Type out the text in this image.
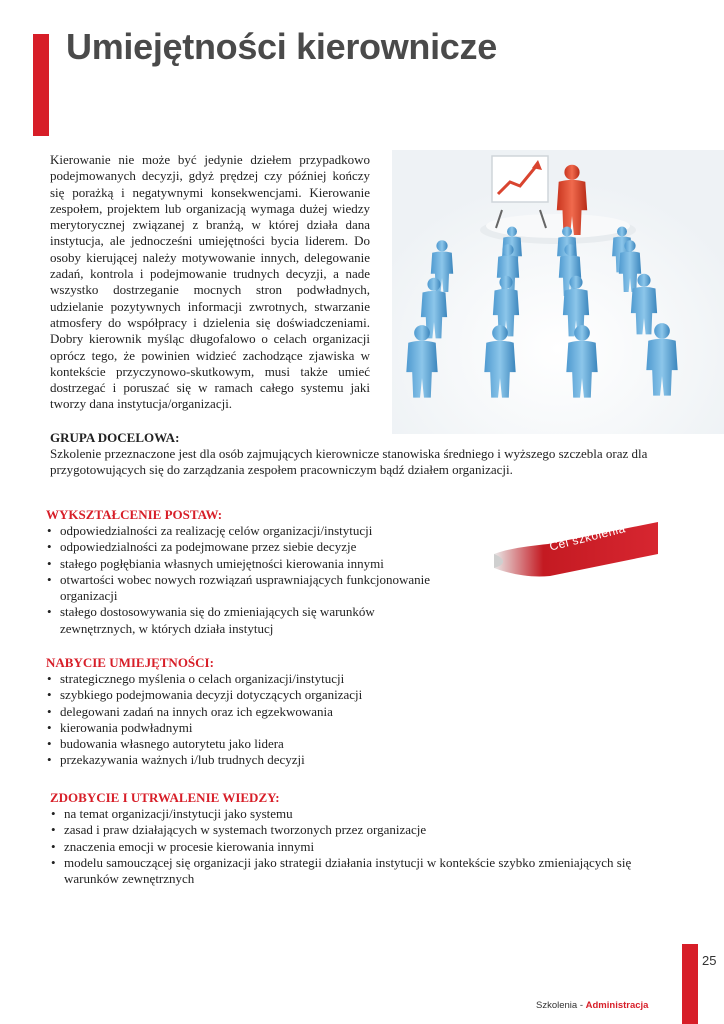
Umiejętności kierownicze

Kierowanie nie może być jedynie dziełem przypadkowo podejmowanych decyzji, gdyż prędzej czy później kończy się porażką i negatywnymi konsekwencjami. Kierowanie zespołem, projektem lub organizacją wymaga dużej wiedzy merytorycznej związanej z branżą, w której działa dana instytucja, ale jednocześni umiejętności bycia liderem. Do osoby kierującej należy motywowanie innych, delegowanie zadań, kontrola i podejmowanie trudnych decyzji, a nade wszystko dostrzeganie mocnych stron podwładnych, udzielanie pozytywnych informacji zwrotnych, stwarzanie atmosfery do współpracy i dzielenia się doświadczeniami. Dobry kierownik myśląc długofalowo o celach organizacji oprócz tego, że powinien widzieć zachodzące zjawiska w kontekście przyczynowo-skutkowym, musi także umieć dostrzegać i poruszać się w ramach całego systemu jaki tworzy dana instytucja/organizacji.

GRUPA DOCELOWA:

Szkolenie przeznaczone jest dla osób zajmujących kierownicze stanowiska średniego i wyższego szczebla oraz dla przygotowujących się do zarządzania zespołem pracowniczym bądź działem organizacji.

Cel szkolenia

WYKSZTAŁCENIE POSTAW:

• odpowiedzialności za realizację celów organizacji/instytucji
• odpowiedzialności za podejmowane przez siebie decyzje
• stałego pogłębiania własnych umiejętności kierowania innymi
• otwartości wobec nowych rozwiązań usprawniających funkcjonowanie organizacji
• stałego dostosowywania się do zmieniających się warunków zewnętrznych, w których działa instytucj

NABYCIE UMIEJĘTNOŚCI:

• strategicznego myślenia o celach organizacji/instytucji
• szybkiego podejmowania decyzji dotyczących organizacji
• delegowani zadań na innych oraz ich egzekwowania
• kierowania podwładnymi
• budowania własnego autorytetu jako lidera
• przekazywania ważnych i/lub trudnych decyzji

ZDOBYCIE I UTRWALENIE WIEDZY:

• na temat organizacji/instytucji jako systemu
• zasad i praw działających w systemach tworzonych przez organizacje
• znaczenia emocji w procesie kierowania innymi
• modelu samouczącej się organizacji jako strategii działania instytucji w kontekście szybko zmieniających się warunków zewnętrznych
25
Szkolenia - Administracja
